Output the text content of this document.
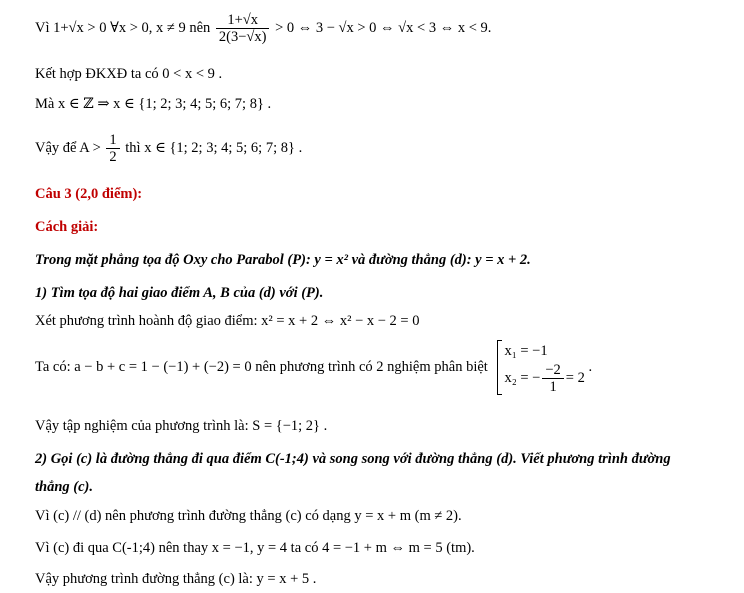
Vì 1+√x > 0 ∀x > 0, x ≠ 9 nên $\frac{1+√x}{2(3-√x)} > 0$ ⇔ 3 − √x > 0 ⇔ √x < 3 ⇔ x < 9.
Kết hợp ĐKXĐ ta có 0 < x < 9 .
Mà x ∈ ℤ ⇒ x ∈ {1; 2; 3; 4; 5; 6; 7; 8} .
Vậy để $A > \frac{1}{2}$ thì x ∈ {1; 2; 3; 4; 5; 6; 7; 8} .
Câu 3 (2,0 điểm):
Cách giải:
Trong mặt phẳng tọa độ Oxy cho Parabol (P): y = x² và đường thẳng (d): y = x + 2.
1) Tìm tọa độ hai giao điểm A, B của (d) với (P).
Xét phương trình hoành độ giao điểm: x² = x + 2 ⇔ x² − x − 2 = 0
Ta có: a − b + c = 1 − (−1) + (−2) = 0 nên phương trình có 2 nghiệm phân biệt
x₁ = −1
x₂ = − $\frac{-2}{1} = 2$
.
Vậy tập nghiệm của phương trình là: S = {−1; 2} .
2) Gọi (c) là đường thẳng đi qua điểm C(-1;4) và song song với đường thẳng (d). Viết phương trình đường
thẳng (c).
Vì (c) // (d) nên phương trình đường thẳng (c) có dạng y = x + m (m ≠ 2).
Vì (c) đi qua C(-1;4) nên thay x = −1, y = 4 ta có 4 = −1 + m ⇔ m = 5 (tm).
Vậy phương trình đường thẳng (c) là: y = x + 5 .
